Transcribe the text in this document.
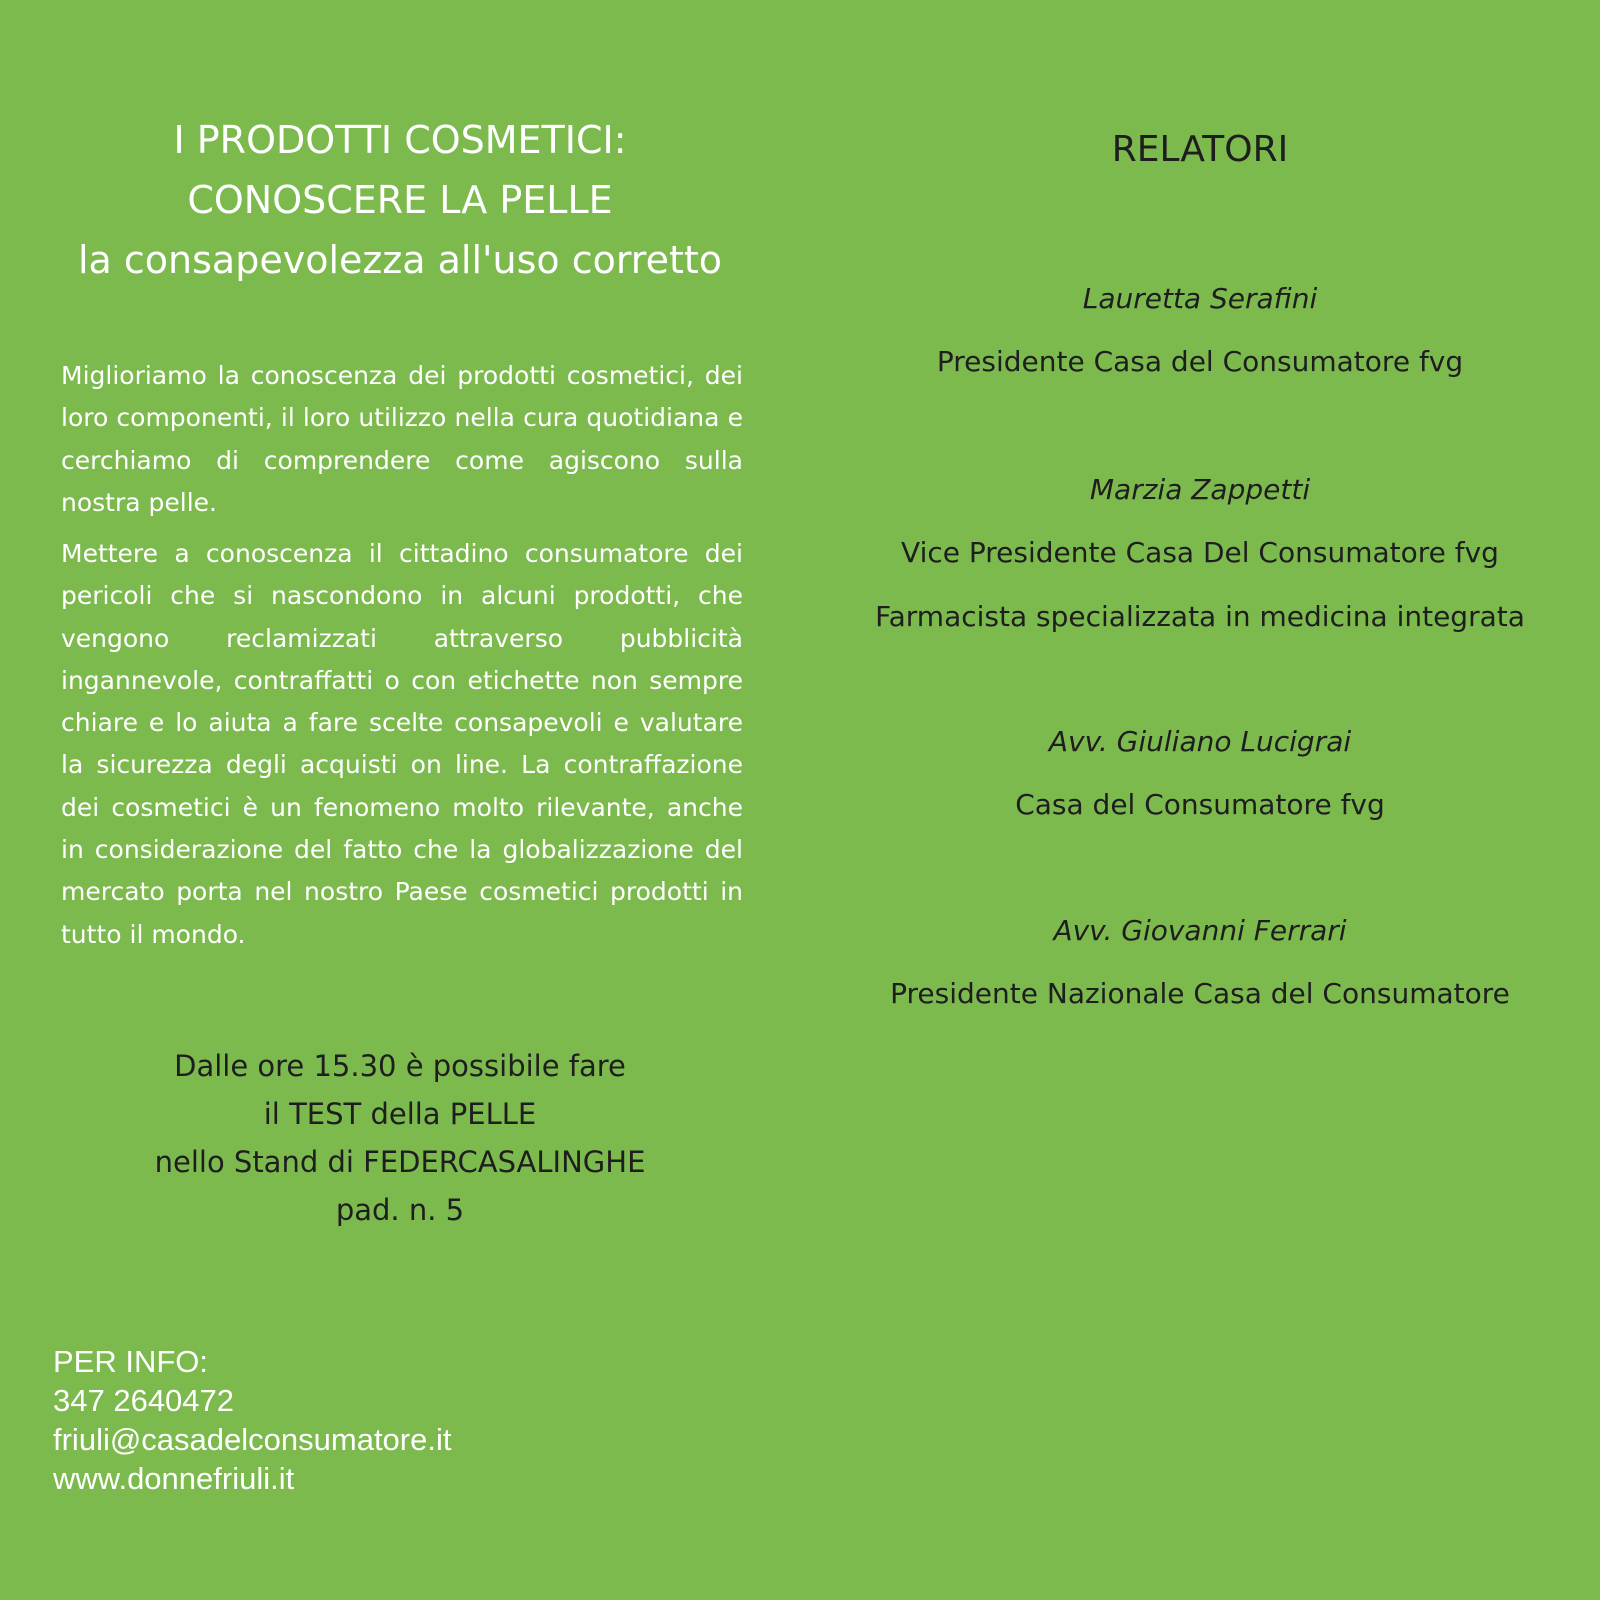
I PRODOTTI COSMETICI:
CONOSCERE LA PELLE
la consapevolezza all'uso corretto

Miglioriamo la conoscenza dei prodotti cosmetici, dei loro componenti, il loro utilizzo nella cura quotidiana e cerchiamo di comprendere come agiscono sulla nostra pelle.

Mettere a conoscenza il cittadino consumatore dei pericoli che si nascondono in alcuni prodotti, che vengono reclamizzati attraverso pubblicità ingannevole, contraffatti o con etichette non sempre chiare e lo aiuta a fare scelte consapevoli e valutare la sicurezza degli acquisti on line. La contraffazione dei cosmetici è un fenomeno molto rilevante, anche in considerazione del fatto che la globalizzazione del mercato porta nel nostro Paese cosmetici prodotti in tutto il mondo.

Dalle ore 15.30 è possibile fare
il TEST della PELLE
nello Stand di FEDERCASALINGHE
pad. n. 5
PER INFO:
347 2640472
friuli@casadelconsumatore.it
www.donnefriuli.it
RELATORI
Lauretta Serafini
Presidente Casa del Consumatore fvg
Marzia Zappetti
Vice Presidente Casa Del Consumatore fvg
Farmacista specializzata in medicina integrata
Avv. Giuliano Lucigrai
Casa del Consumatore fvg
Avv. Giovanni Ferrari
Presidente Nazionale Casa del Consumatore
